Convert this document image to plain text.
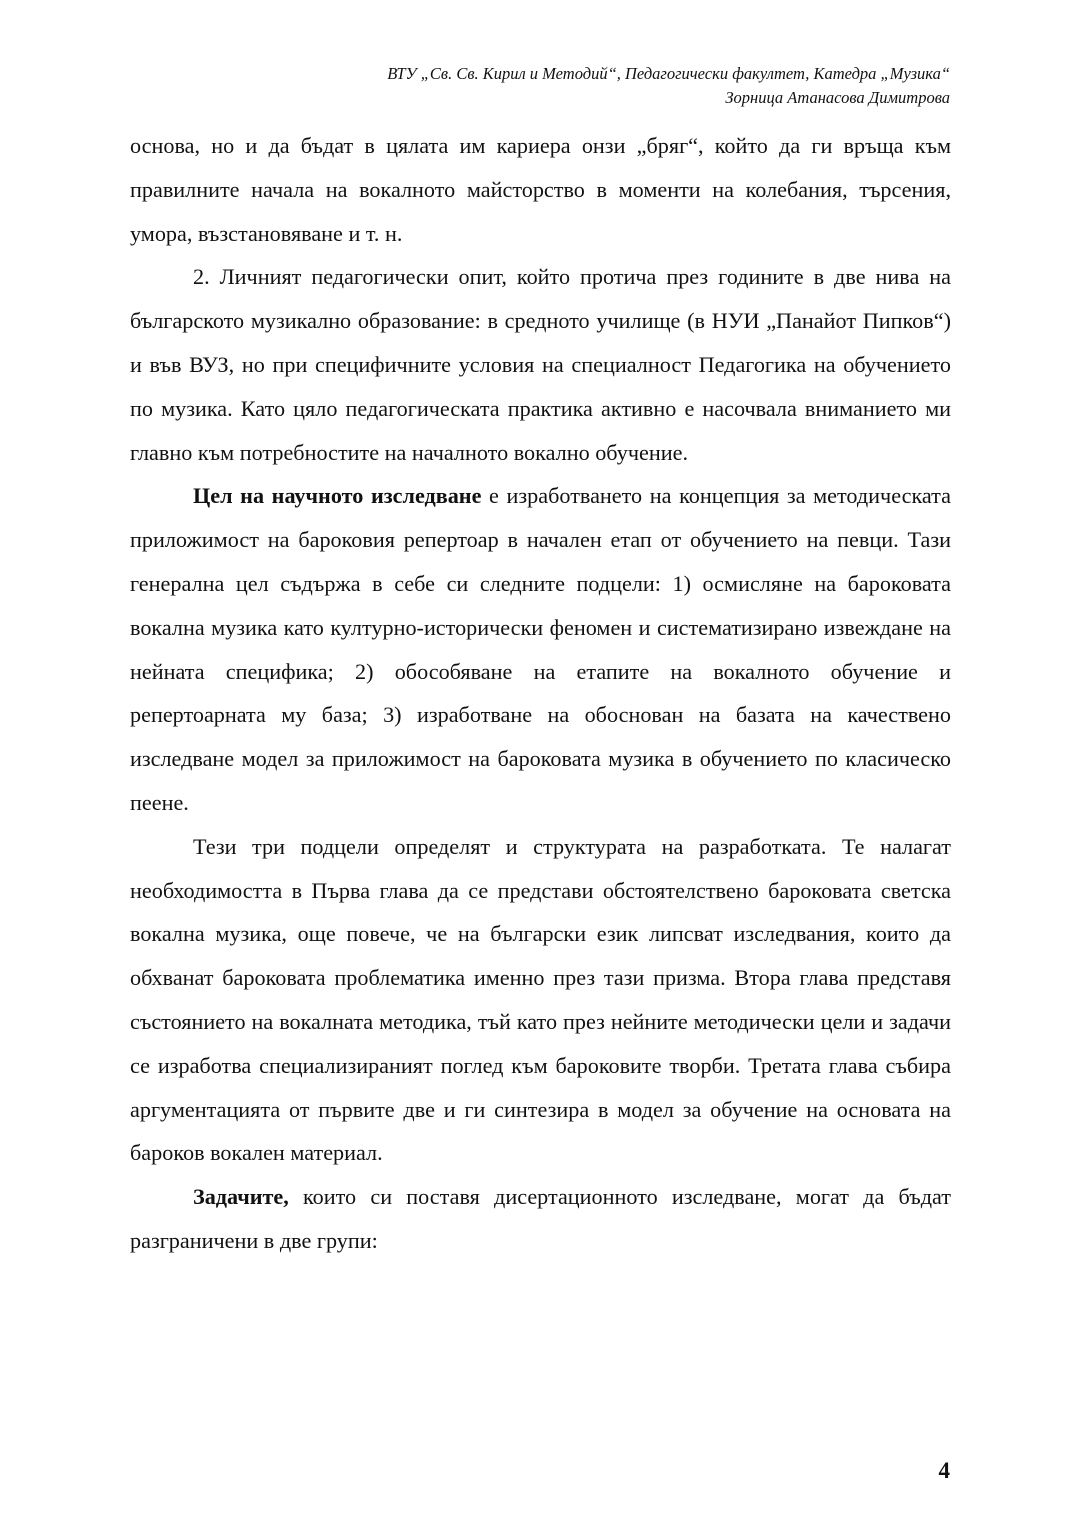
ВТУ „Св. Св. Кирил и Методий“, Педагогически факултет, Катедра „Музика“
Зорница Атанасова Димитрова

основа, но и да бъдат в цялата им кариера онзи „бряг“, който да ги връща към правилните начала на вокалното майсторство в моменти на колебания, търсения, умора, възстановяване и т. н.

2. Личният педагогически опит, който протича през годините в две нива на българското музикално образование: в средното училище (в НУИ „Панайот Пипков“) и във ВУЗ, но при специфичните условия на специалност Педагогика на обучението по музика. Като цяло педагогическата практика активно е насочвала вниманието ми главно към потребностите на началното вокално обучение.

Цел на научното изследване е изработването на концепция за методическата приложимост на бароковия репертоар в начален етап от обучението на певци. Тази генерална цел съдържа в себе си следните подцели: 1) осмисляне на бароковата вокална музика като културно-исторически феномен и систематизирано извеждане на нейната специфика; 2) обособяване на етапите на вокалното обучение и репертоарната му база; 3) изработване на обоснован на базата на качествено изследване модел за приложимост на бароковата музика в обучението по класическо пеене.

Тези три подцели определят и структурата на разработката. Те налагат необходимостта в Първа глава да се представи обстоятелствено бароковата светска вокална музика, още повече, че на български език липсват изследвания, които да обхванат бароковата проблематика именно през тази призма. Втора глава представя състоянието на вокалната методика, тъй като през нейните методически цели и задачи се изработва специализираният поглед към бароковите творби. Третата глава събира аргументацията от първите две и ги синтезира в модел за обучение на основата на бароков вокален материал.

Задачите, които си поставя дисертационното изследване, могат да бъдат разграничени в две групи:

4
